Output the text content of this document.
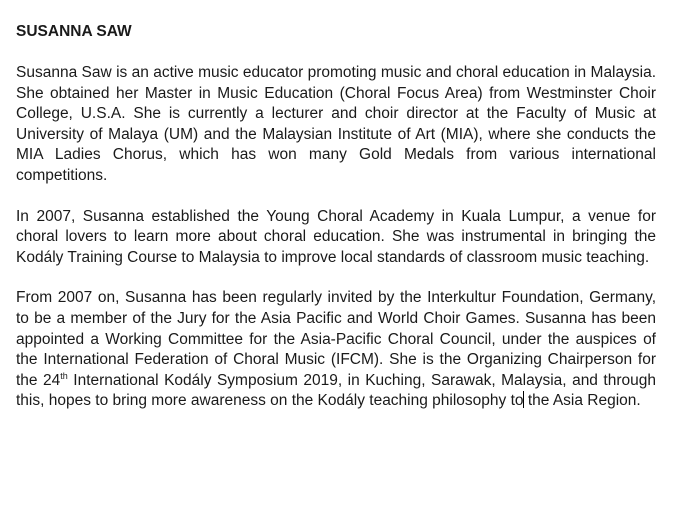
SUSANNA SAW

Susanna Saw is an active music educator promoting music and choral education in Malaysia. She obtained her Master in Music Education (Choral Focus Area) from Westminster Choir College, U.S.A. She is currently a lecturer and choir director at the Faculty of Music at University of Malaya (UM) and the Malaysian Institute of Art (MIA), where she conducts the MIA Ladies Chorus, which has won many Gold Medals from various international competitions.

In 2007, Susanna established the Young Choral Academy in Kuala Lumpur, a venue for choral lovers to learn more about choral education. She was instrumental in bringing the Kodály Training Course to Malaysia to improve local standards of classroom music teaching.

From 2007 on, Susanna has been regularly invited by the Interkultur Foundation, Germany, to be a member of the Jury for the Asia Pacific and World Choir Games. Susanna has been appointed a Working Committee for the Asia-Pacific Choral Council, under the auspices of the International Federation of Choral Music (IFCM). She is the Organizing Chairperson for the 24th International Kodály Symposium 2019, in Kuching, Sarawak, Malaysia, and through this, hopes to bring more awareness on the Kodály teaching philosophy to the Asia Region.
